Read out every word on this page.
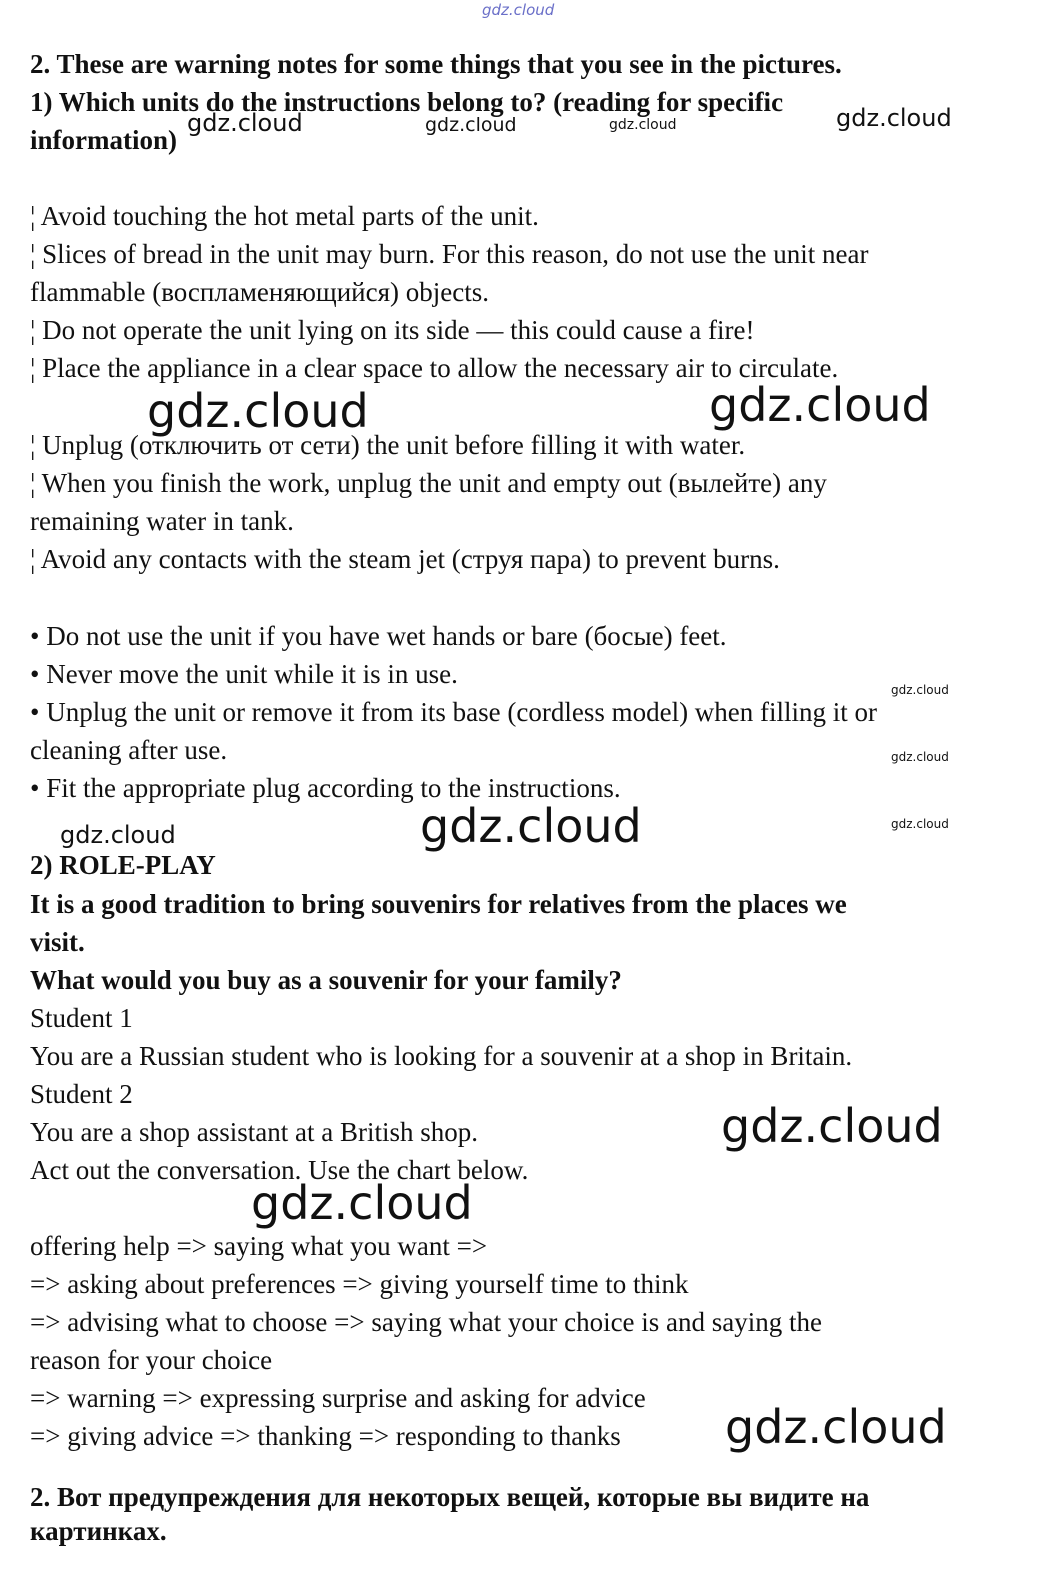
gdz.cloud
2. These are warning notes for some things that you see in the pictures.
1) Which units do the instructions belong to? (reading for specific
information)
gdz.cloud	gdz.cloud	gdz.cloud	gdz.cloud
¦ Avoid touching the hot metal parts of the unit.
¦ Slices of bread in the unit may burn. For this reason, do not use the unit near
flammable (воспламеняющийся) objects.
¦ Do not operate the unit lying on its side — this could cause a fire!
¦ Place the appliance in a clear space to allow the necessary air to circulate.
gdz.cloud	gdz.cloud
¦ Unplug (отключить от сети) the unit before filling it with water.
¦ When you finish the work, unplug the unit and empty out (вылейте) any
remaining water in tank.
¦ Avoid any contacts with the steam jet (струя пара) to prevent burns.
• Do not use the unit if you have wet hands or bare (босые) feet.
• Never move the unit while it is in use.
• Unplug the unit or remove it from its base (cordless model) when filling it or
cleaning after use.
• Fit the appropriate plug according to the instructions.
gdz.cloud
gdz.cloud
gdz.cloud
gdz.cloud	gdz.cloud
2) ROLE-PLAY
It is a good tradition to bring souvenirs for relatives from the places we
visit.
What would you buy as a souvenir for your family?
Student 1
You are a Russian student who is looking for a souvenir at a shop in Britain.
Student 2
You are a shop assistant at a British shop.
Act out the conversation. Use the chart below.
gdz.cloud
gdz.cloud
offering help => saying what you want =>
=> asking about preferences => giving yourself time to think
=> advising what to choose => saying what your choice is and saying the
reason for your choice
=> warning => expressing surprise and asking for advice
=> giving advice => thanking => responding to thanks	gdz.cloud
2. Вот предупреждения для некоторых вещей, которые вы видите на
картинках.
